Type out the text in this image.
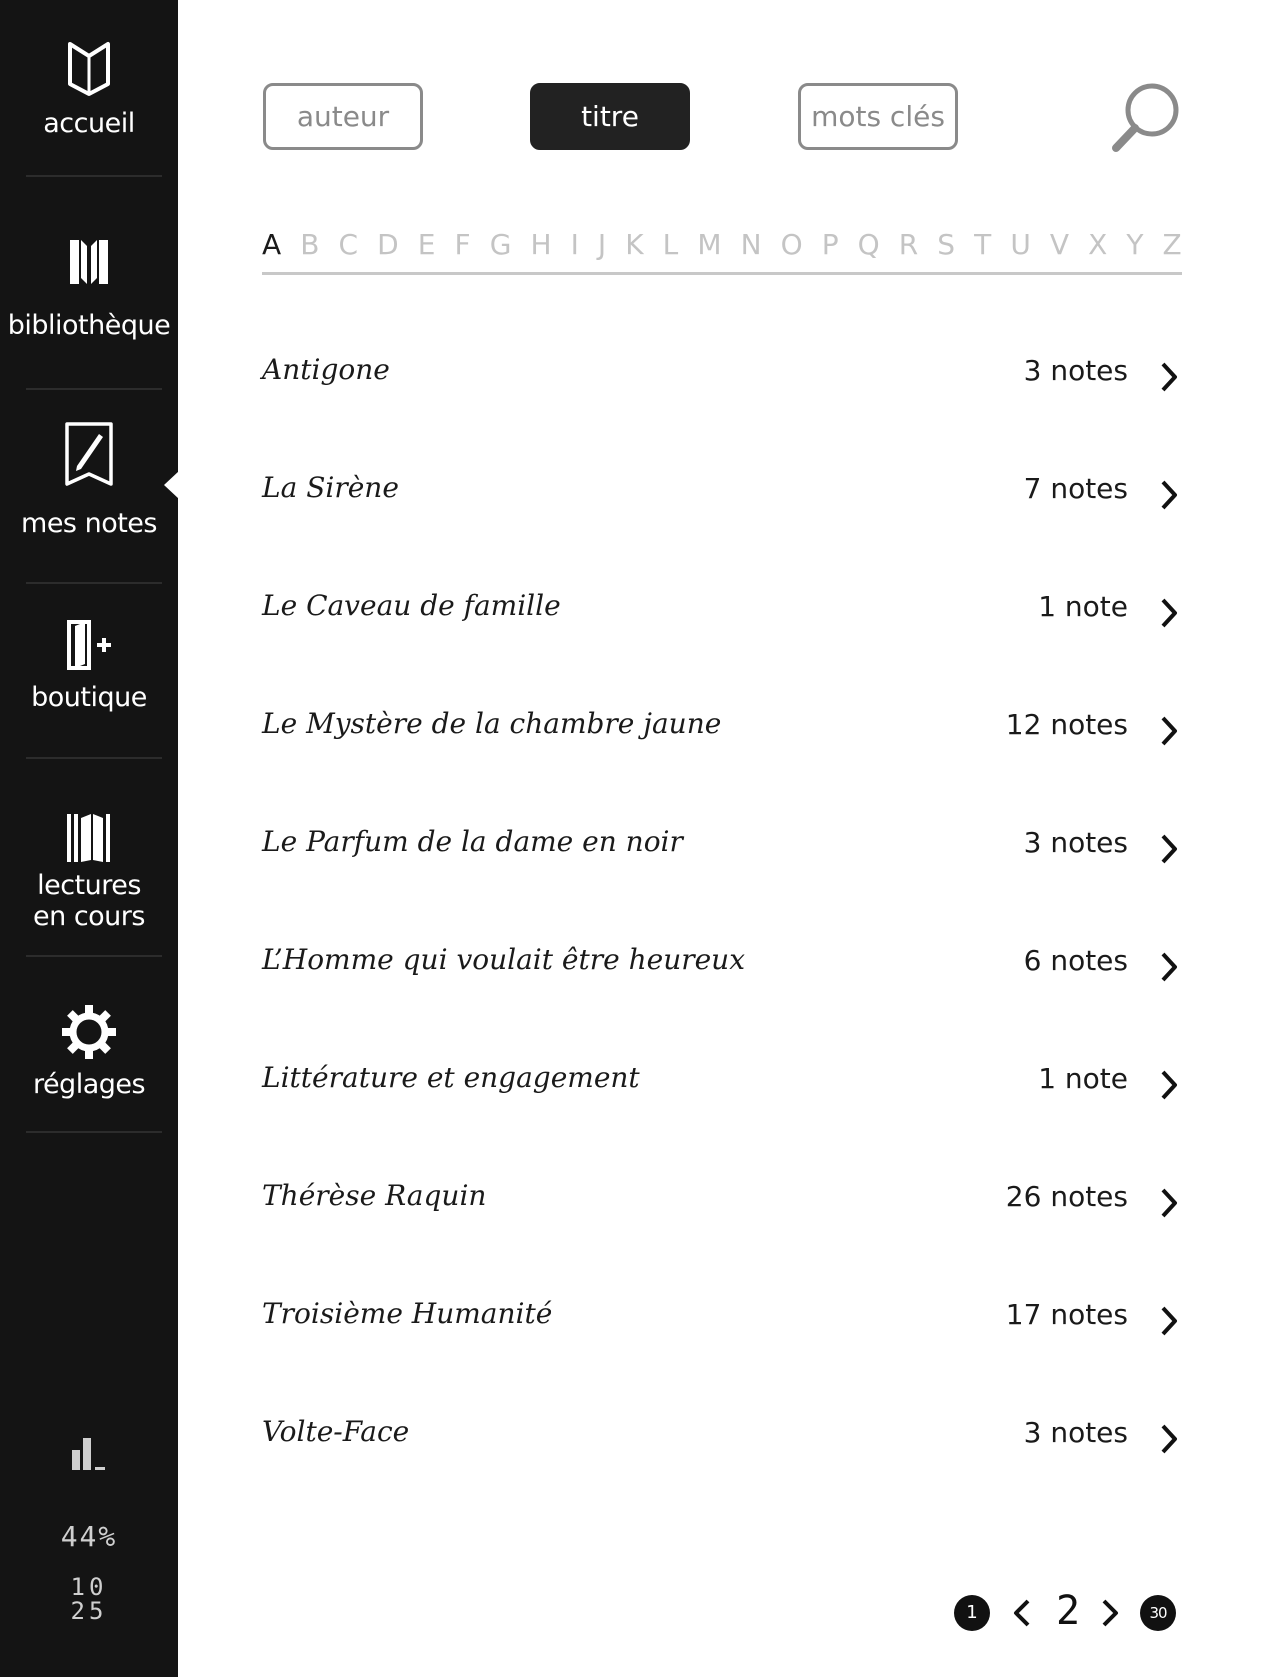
accueil
bibliothèque
mes notes
boutique
lectures
en cours
réglages
44%
10
25
auteur	titre	mots clés
A B C D E F G H I J K L M N O P Q R S T U V X Y Z
Antigone	3 notes
La Sirène	7 notes
Le Caveau de famille	1 note
Le Mystère de la chambre jaune	12 notes
Le Parfum de la dame en noir	3 notes
L’Homme qui voulait être heureux	6 notes
Littérature et engagement	1 note
Thérèse Raquin	26 notes
Troisième Humanité	17 notes
Volte-Face	3 notes
1	2	30
